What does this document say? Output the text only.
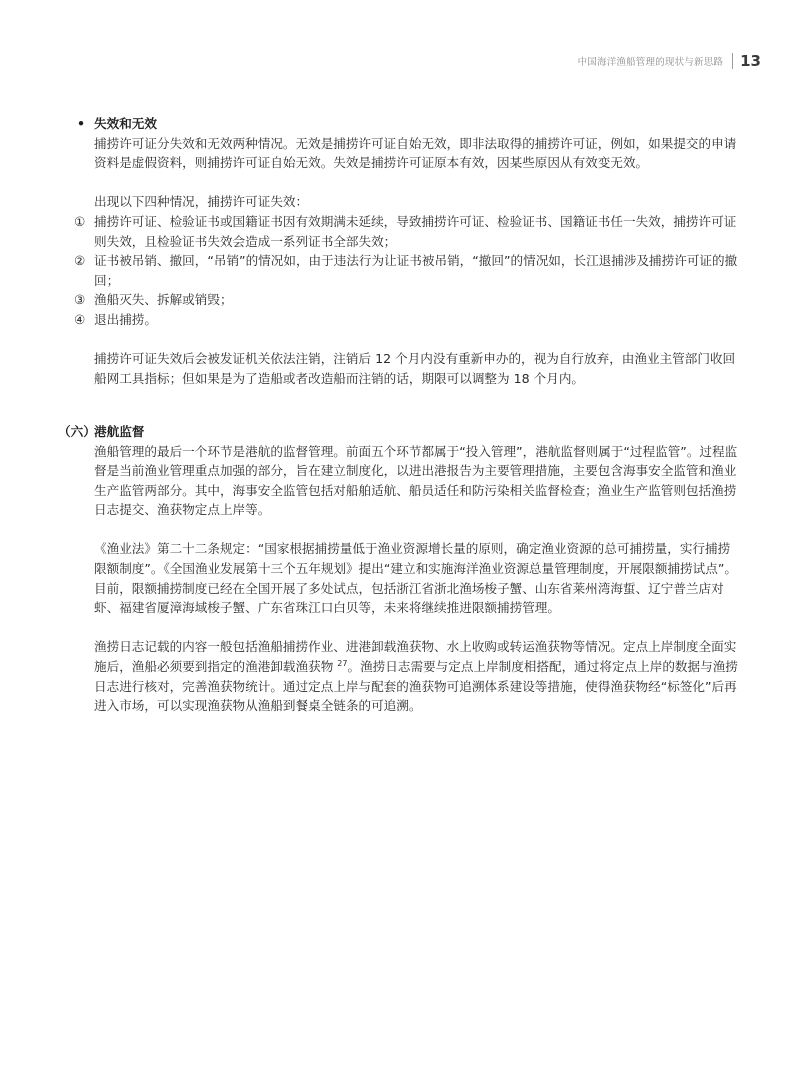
中国海洋渔船管理的现状与新思路 13

• 失效和无效

捕捞许可证分失效和无效两种情况。无效是捕捞许可证自始无效，即非法取得的捕捞许可证，例如，如果提交的申请资料是虚假资料，则捕捞许可证自始无效。失效是捕捞许可证原本有效，因某些原因从有效变无效。

出现以下四种情况，捕捞许可证失效：

① 捕捞许可证、检验证书或国籍证书因有效期满未延续，导致捕捞许可证、检验证书、国籍证书任一失效，捕捞许可证则失效，且检验证书失效会造成一系列证书全部失效；

② 证书被吊销、撤回，“吊销”的情况如，由于违法行为让证书被吊销，“撤回”的情况如，长江退捕涉及捕捞许可证的撤回；

③ 渔船灭失、拆解或销毁；

④ 退出捕捞。

捕捞许可证失效后会被发证机关依法注销，注销后 12 个月内没有重新申办的，视为自行放弃，由渔业主管部门收回船网工具指标；但如果是为了造船或者改造船而注销的话，期限可以调整为 18 个月内。

（六）
港航监督

渔船管理的最后一个环节是港航的监督管理。前面五个环节都属于“投入管理”，港航监督则属于“过程监管”。过程监督是当前渔业管理重点加强的部分，旨在建立制度化，以进出港报告为主要管理措施，主要包含海事安全监管和渔业生产监管两部分。其中，海事安全监管包括对船舶适航、船员适任和防污染相关监督检查；渔业生产监管则包括渔捞日志提交、渔获物定点上岸等。

《渔业法》第二十二条规定：“国家根据捕捞量低于渔业资源增长量的原则，确定渔业资源的总可捕捞量，实行捕捞限额制度”。《全国渔业发展第十三个五年规划》提出“建立和实施海洋渔业资源总量管理制度，开展限额捕捞试点”。目前，限额捕捞制度已经在全国开展了多处试点，包括浙江省浙北渔场梭子蟹、山东省莱州湾海蜇、辽宁普兰店对虾、福建省厦漳海域梭子蟹、广东省珠江口白贝等，未来将继续推进限额捕捞管理。

渔捞日志记载的内容一般包括渔船捕捞作业、进港卸载渔获物、水上收购或转运渔获物等情况。定点上岸制度全面实施后，渔船必须要到指定的渔港卸载渔获物 $^{27}$。渔捞日志需要与定点上岸制度相搭配，通过将定点上岸的数据与渔捞日志进行核对，完善渔获物统计。通过定点上岸与配套的渔获物可追溯体系建设等措施，使得渔获物经“标签化”后再进入市场，可以实现渔获物从渔船到餐桌全链条的可追溯。
